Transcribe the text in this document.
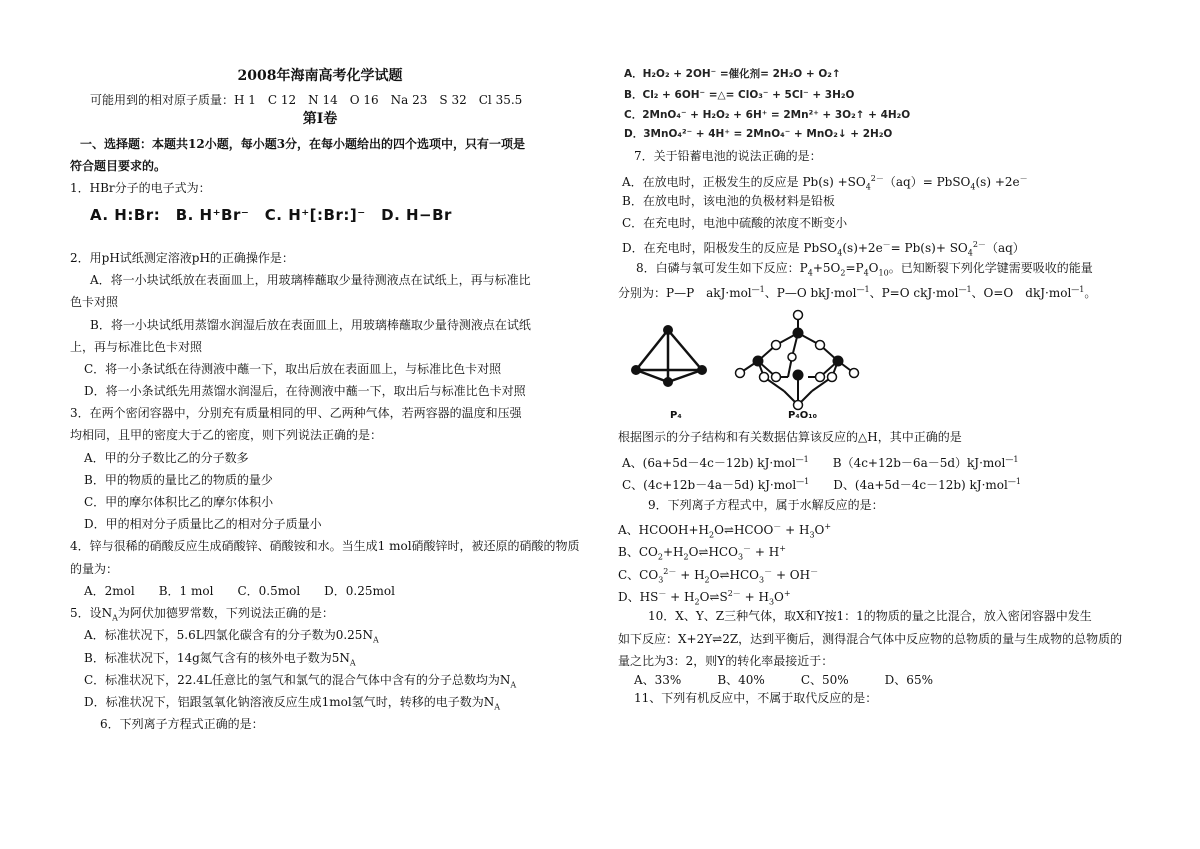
2008年海南高考化学试题
可能用到的相对原子质量：H 1　C 12　N 14　O 16　Na 23　S 32　Cl 35.5
第Ⅰ卷
一、选择题：本题共12小题，每小题3分，在每小题给出的四个选项中，只有一项是
符合题目要求的。
1．HBr分子的电子式为：
A. H:Br:　B. H⁺Br⁻　C. H⁺[:Br:]⁻　D. H−Br
2．用pH试纸测定溶液pH的正确操作是：
A．将一小块试纸放在表面皿上，用玻璃棒蘸取少量待测液点在试纸上，再与标准比
色卡对照
B．将一小块试纸用蒸馏水润湿后放在表面皿上，用玻璃棒蘸取少量待测液点在试纸
上，再与标准比色卡对照
C．将一小条试纸在待测液中蘸一下，取出后放在表面皿上，与标准比色卡对照
D．将一小条试纸先用蒸馏水润湿后，在待测液中蘸一下，取出后与标准比色卡对照
3．在两个密闭容器中，分别充有质量相同的甲、乙两种气体，若两容器的温度和压强
均相同，且甲的密度大于乙的密度，则下列说法正确的是：
A．甲的分子数比乙的分子数多
B．甲的物质的量比乙的物质的量少
C．甲的摩尔体积比乙的摩尔体积小
D．甲的相对分子质量比乙的相对分子质量小
4．锌与很稀的硝酸反应生成硝酸锌、硝酸铵和水。当生成1 mol硝酸锌时，被还原的硝酸的物质
的量为：
A．2mol　　B．1 mol　　C．0.5mol　　D．0.25mol
5．设$N_A$为阿伏加德罗常数，下列说法正确的是：
A．标准状况下，5.6L四氯化碳含有的分子数为$0.25N_A$
B．标准状况下，14g氮气含有的核外电子数为$5N_A$
C．标准状况下，22.4L任意比的氢气和氯气的混合气体中含有的分子总数均为$N_A$
D．标准状况下，铝跟氢氧化钠溶液反应生成1mol氢气时，转移的电子数为$N_A$
6．下列离子方程式正确的是：
A．H₂O₂ + 2OH⁻ =催化剂= 2H₂O + O₂↑
B．Cl₂ + 6OH⁻ =△= ClO₃⁻ + 5Cl⁻ + 3H₂O
C．2MnO₄⁻ + H₂O₂ + 6H⁺ = 2Mn²⁺ + 3O₂↑ + 4H₂O
D．3MnO₄²⁻ + 4H⁺ = 2MnO₄⁻ + MnO₂↓ + 2H₂O
7．关于铅蓄电池的说法正确的是：
A．在放电时，正极发生的反应是 $Pb(s) +SO_4^{2-}(aq)=$ PbSO$_4$(s) +2e－
B．在放电时，该电池的负极材料是铅板
C．在充电时，电池中硫酸的浓度不断变小
D．在充电时，阳极发生的反应是 PbSO$_4$(s)+2e－= $Pb(s)+ SO_4^{2-}(aq)$
8．白磷与氧可发生如下反应：$P_4+5O_2=P_4O_{10}$。已知断裂下列化学键需要吸收的能量
分别为：P—P　akJ·mol$^{—1}$、P—O bkJ·mol$^{—1}$、P=O ckJ·mol$^{—1}$、O=O　dkJ·mol$^{—1}$。
P₄	P₄O₁₀
根据图示的分子结构和有关数据估算该反应的△H，其中正确的是
A、(6a+5d－4c－12b) kJ·mol$^{—1}$　　B（4c+12b－6a－5d）kJ·mol$^{—1}$
C、(4c+12b－4a－5d) kJ·mol$^{—1}$　　D、(4a+5d－4c－12b) kJ·mol$^{—1}$
9．下列离子方程式中，属于水解反应的是：
A、$HCOOH+H_2O\rightleftharpoons HCOO^- + H_3O^+$
B、$CO_2+H_2O\rightleftharpoons HCO_3^- + H^+$
C、$CO_3^{2-}$ + $H_2O\rightleftharpoons HCO_3^- + OH^-$
D、$HS^- + H_2O\rightleftharpoons S^{2-} + H_3O^+$
10．X、Y、Z三种气体，取X和Y按1：1的物质的量之比混合，放入密闭容器中发生
如下反应：X+2Y⇌2Z，达到平衡后，测得混合气体中反应物的总物质的量与生成物的总物质的
量之比为3：2，则Y的转化率最接近于：
A、33%　　　B、40%　　　C、50%　　　D、65%
11、下列有机反应中，不属于取代反应的是：
